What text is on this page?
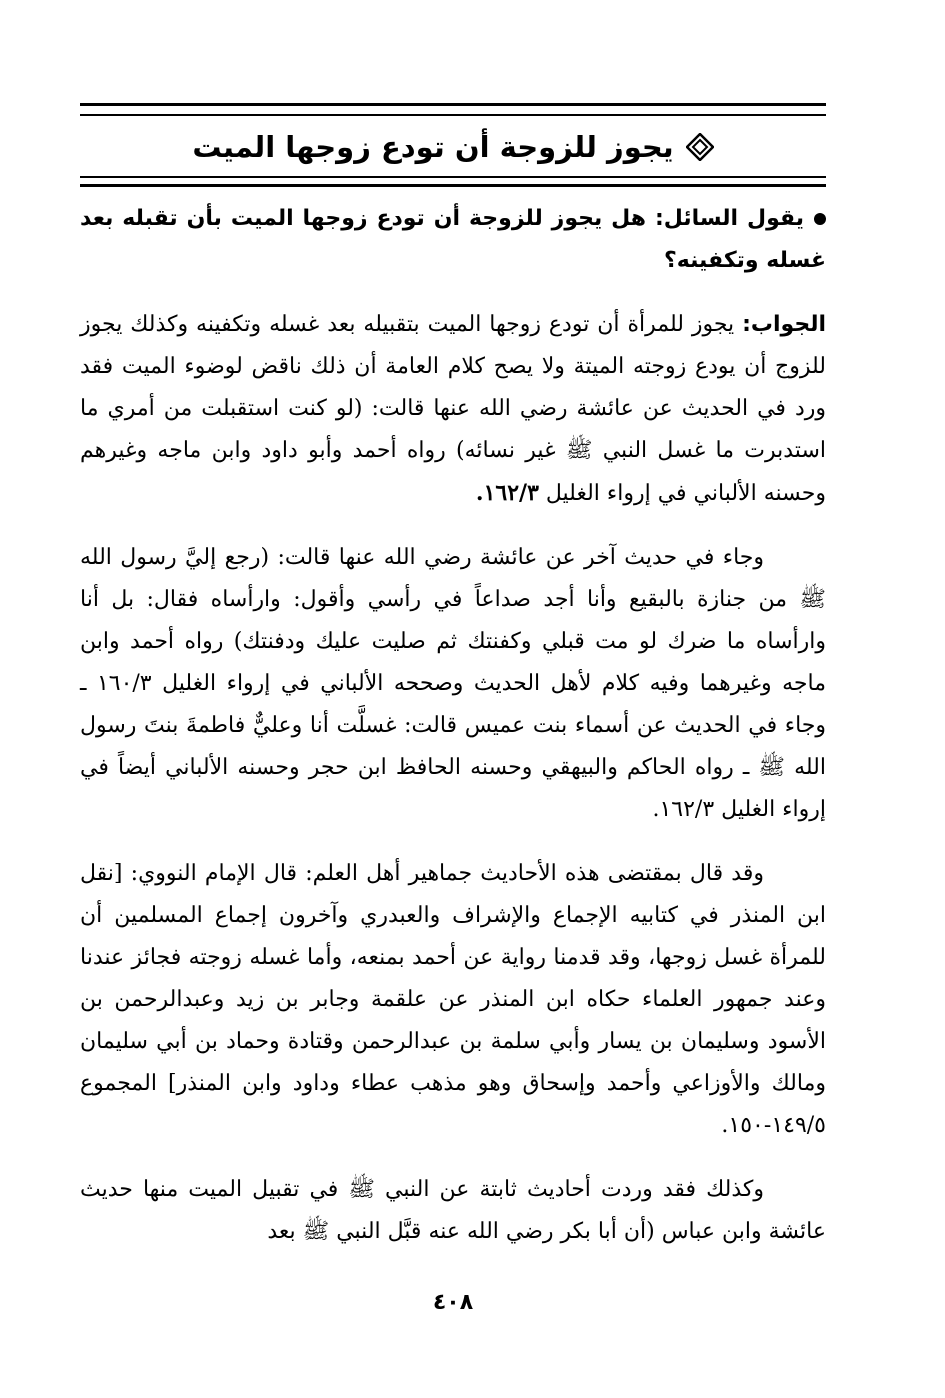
يجوز للزوجة أن تودع زوجها الميت

يقول السائل: هل يجوز للزوجة أن تودع زوجها الميت بأن تقبله بعد غسله وتكفينه؟

الجواب: يجوز للمرأة أن تودع زوجها الميت بتقبيله بعد غسله وتكفينه وكذلك يجوز للزوج أن يودع زوجته الميتة ولا يصح كلام العامة أن ذلك ناقض لوضوء الميت فقد ورد في الحديث عن عائشة رضي الله عنها قالت: (لو كنت استقبلت من أمري ما استدبرت ما غسل النبي ﷺ غير نسائه) رواه أحمد وأبو داود وابن ماجه وغيرهم وحسنه الألباني في إرواء الغليل ١٦٢/٣.

وجاء في حديث آخر عن عائشة رضي الله عنها قالت: (رجع إليَّ رسول الله ﷺ من جنازة بالبقيع وأنا أجد صداعاً في رأسي وأقول: وارأساه فقال: بل أنا وارأساه ما ضرك لو مت قبلي وكفنتك ثم صليت عليك ودفنتك) رواه أحمد وابن ماجه وغيرهما وفيه كلام لأهل الحديث وصححه الألباني في إرواء الغليل ١٦٠/٣ ـ وجاء في الحديث عن أسماء بنت عميس قالت: غسلَّت أنا وعليٌّ فاطمةَ بنتَ رسول الله ﷺ ـ رواه الحاكم والبيهقي وحسنه الحافظ ابن حجر وحسنه الألباني أيضاً في إرواء الغليل ١٦٢/٣.

وقد قال بمقتضى هذه الأحاديث جماهير أهل العلم: قال الإمام النووي: [نقل ابن المنذر في كتابيه الإجماع والإشراف والعبدري وآخرون إجماع المسلمين أن للمرأة غسل زوجها، وقد قدمنا رواية عن أحمد بمنعه، وأما غسله زوجته فجائز عندنا وعند جمهور العلماء حكاه ابن المنذر عن علقمة وجابر بن زيد وعبدالرحمن بن الأسود وسليمان بن يسار وأبي سلمة بن عبدالرحمن وقتادة وحماد بن أبي سليمان ومالك والأوزاعي وأحمد وإسحاق وهو مذهب عطاء وداود وابن المنذر] المجموع ١٤٩/٥-١٥٠.

وكذلك فقد وردت أحاديث ثابتة عن النبي ﷺ في تقبيل الميت منها حديث عائشة وابن عباس (أن أبا بكر رضي الله عنه قبَّل النبي ﷺ بعد

٤٠٨
